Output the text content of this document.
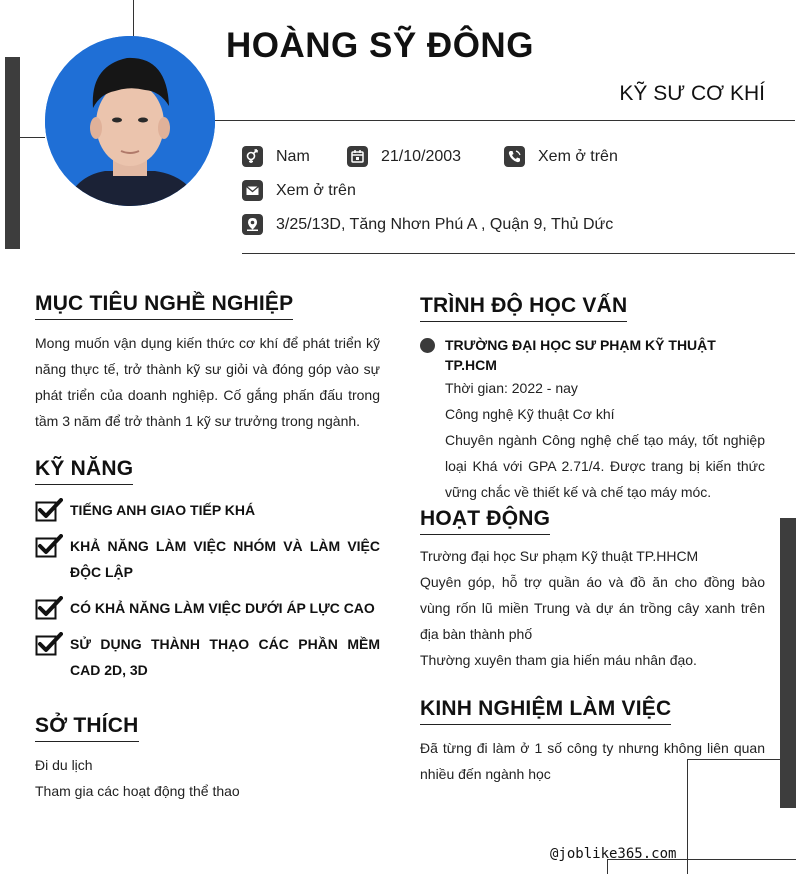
HOÀNG SỸ ĐÔNG
KỸ SƯ CƠ KHÍ
Nam	21/10/2003	Xem ở trên
Xem ở trên
3/25/13D, Tăng Nhơn Phú A , Quận 9, Thủ Dức
MỤC TIÊU NGHỀ NGHIỆP
Mong muốn vận dụng kiến thức cơ khí để phát triển kỹ năng thực tế, trở thành kỹ sư giỏi và đóng góp vào sự phát triển của doanh nghiệp. Cố gắng phấn đấu trong tầm 3 năm để trở thành 1 kỹ sư trưởng trong ngành.
KỸ NĂNG
TIẾNG ANH GIAO TIẾP KHÁ
KHẢ NĂNG LÀM VIỆC NHÓM VÀ LÀM VIỆC ĐỘC LẬP
CÓ KHẢ NĂNG LÀM VIỆC DƯỚI ÁP LỰC CAO
SỬ DỤNG THÀNH THẠO CÁC PHẦN MỀM CAD 2D, 3D
SỞ THÍCH
Đi du lịch
Tham gia các hoạt động thể thao
TRÌNH ĐỘ HỌC VẤN
TRƯỜNG ĐẠI HỌC SƯ PHẠM KỸ THUẬT TP.HCM
Thời gian: 2022 - nay
Công nghệ Kỹ thuật Cơ khí
Chuyên ngành Công nghệ chế tạo máy, tốt nghiệp loại Khá với GPA 2.71/4. Được trang bị kiến thức vững chắc về thiết kế và chế tạo máy móc.
HOẠT ĐỘNG
Trường đại học Sư phạm Kỹ thuật TP.HHCM
Quyên góp, hỗ trợ quần áo và đồ ăn cho đồng bào vùng rốn lũ miền Trung và dự án trồng cây xanh trên địa bàn thành phố
Thường xuyên tham gia hiến máu nhân đạo.
KINH NGHIỆM LÀM VIỆC
Đã từng đi làm ở 1 số công ty nhưng không liên quan nhiều đến ngành học
@joblike365.com
